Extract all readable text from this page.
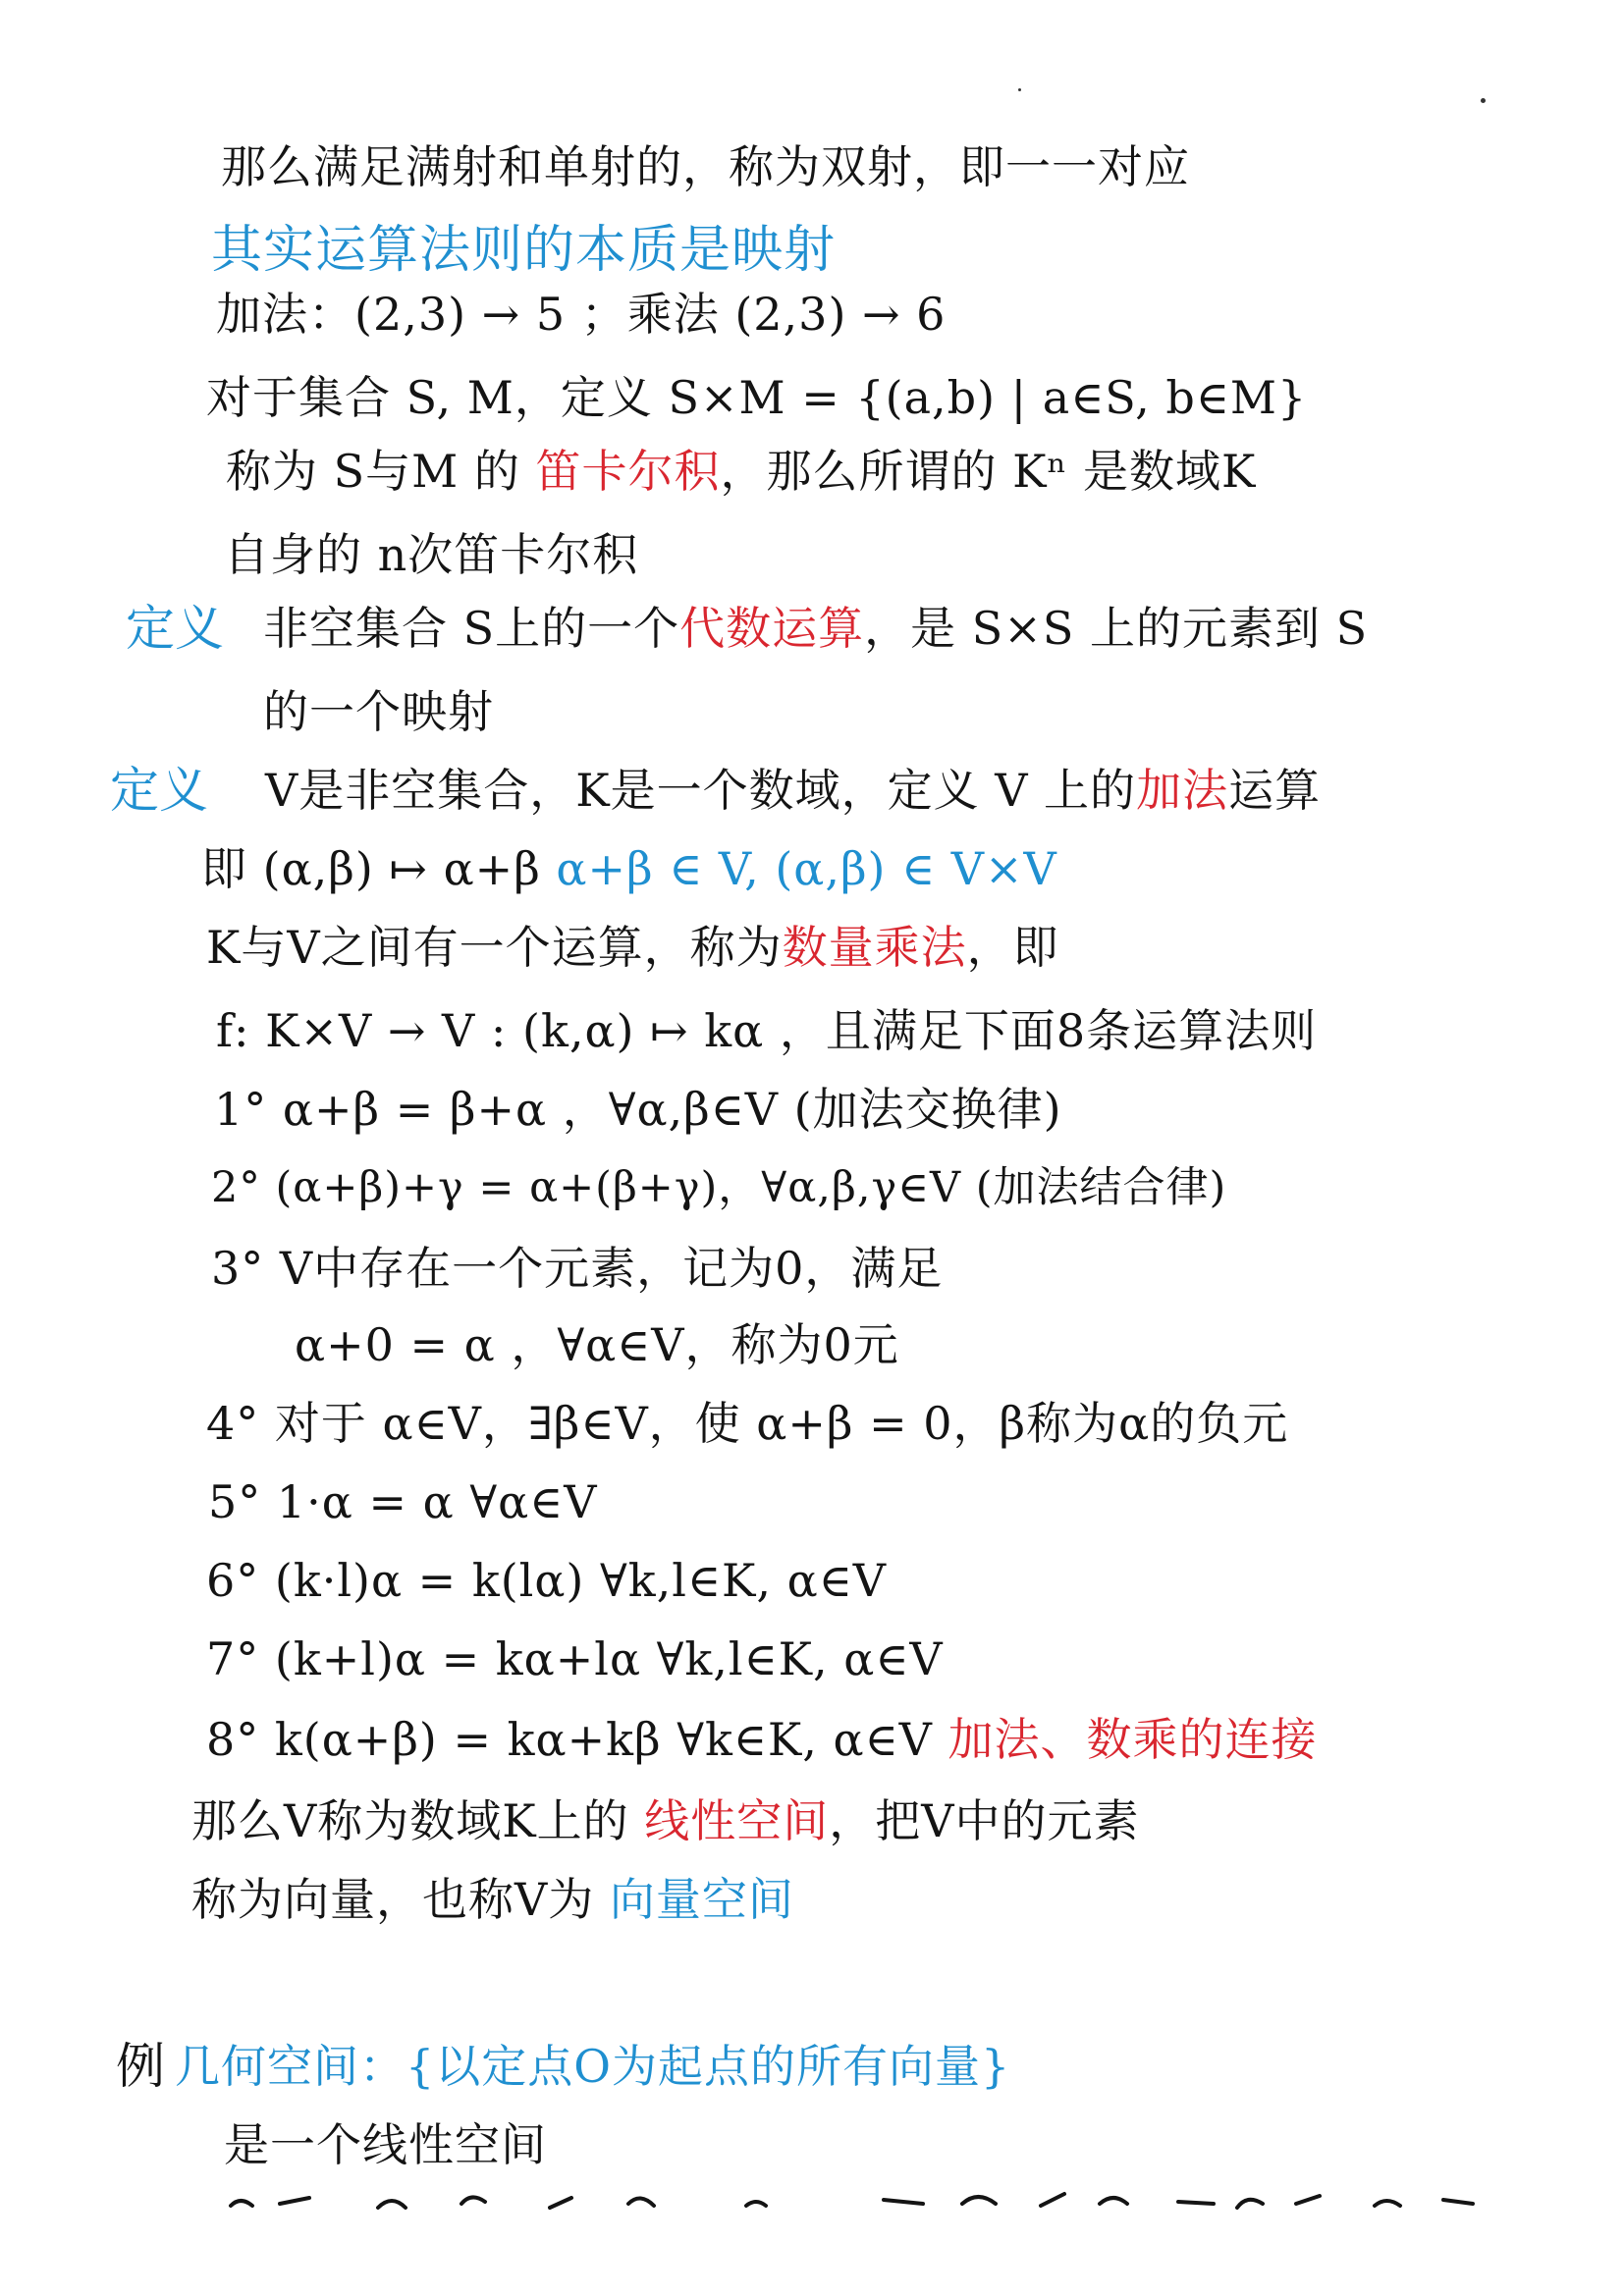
那么满足满射和单射的，称为双射，即一一对应
其实运算法则的本质是映射
加法：(2,3) → 5 ；乘法 (2,3) → 6
对于集合 S, M，定义 S×M = {(a,b) | a∈S, b∈M}
称为 S与M 的 笛卡尔积，那么所谓的 Kⁿ 是数域K
自身的 n次笛卡尔积
定义 非空集合 S上的一个代数运算，是 S×S 上的元素到 S
的一个映射
定义 V是非空集合，K是一个数域，定义 V 上的加法运算
即 (α,β) ↦ α+β α+β ∈ V, (α,β) ∈ V×V
K与V之间有一个运算，称为数量乘法，即
f: K×V → V : (k,α) ↦ kα ，且满足下面8条运算法则
1° α+β = β+α ，∀α,β∈V (加法交换律)
2° (α+β)+γ = α+(β+γ)，∀α,β,γ∈V (加法结合律)
3° V中存在一个元素，记为0，满足
α+0 = α ，∀α∈V，称为0元
4° 对于 α∈V，∃β∈V，使 α+β = 0，β称为α的负元
5° 1·α = α ∀α∈V
6° (k·l)α = k(lα) ∀k,l∈K, α∈V
7° (k+l)α = kα+lα ∀k,l∈K, α∈V
8° k(α+β) = kα+kβ ∀k∈K, α∈V 加法、数乘的连接
那么V称为数域K上的 线性空间，把V中的元素
称为向量，也称V为 向量空间
例 几何空间：{以定点O为起点的所有向量}
是一个线性空间
